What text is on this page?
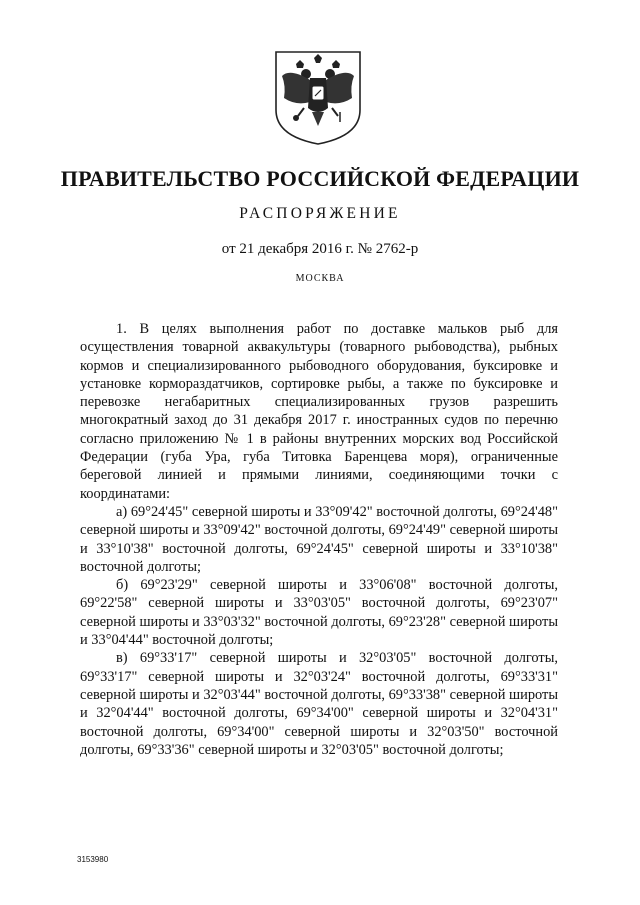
ПРАВИТЕЛЬСТВО РОССИЙСКОЙ ФЕДЕРАЦИИ
РАСПОРЯЖЕНИЕ
от 21 декабря 2016 г. № 2762-р
МОСКВА

1. В целях выполнения работ по доставке мальков рыб для осуществления товарной аквакультуры (товарного рыбоводства), рыбных кормов и специализированного рыбоводного оборудования, буксировке и установке кормораздатчиков, сортировке рыбы, а также по буксировке и перевозке негабаритных специализированных грузов разрешить многократный заход до 31 декабря 2017 г. иностранных судов по перечню согласно приложению № 1 в районы внутренних морских вод Российской Федерации (губа Ура, губа Титовка Баренцева моря), ограниченные береговой линией и прямыми линиями, соединяющими точки с координатами:

а) 69°24'45" северной широты и 33°09'42" восточной долготы, 69°24'48" северной широты и 33°09'42" восточной долготы, 69°24'49" северной широты и 33°10'38" восточной долготы, 69°24'45" северной широты и 33°10'38" восточной долготы;

б) 69°23'29" северной широты и 33°06'08" восточной долготы, 69°22'58" северной широты и 33°03'05" восточной долготы, 69°23'07" северной широты и 33°03'32" восточной долготы, 69°23'28" северной широты и 33°04'44" восточной долготы;

в) 69°33'17" северной широты и 32°03'05" восточной долготы, 69°33'17" северной широты и 32°03'24" восточной долготы, 69°33'31" северной широты и 32°03'44" восточной долготы, 69°33'38" северной широты и 32°04'44" восточной долготы, 69°34'00" северной широты и 32°04'31" восточной долготы, 69°34'00" северной широты и 32°03'50" восточной долготы, 69°33'36" северной широты и 32°03'05" восточной долготы;

3153980
